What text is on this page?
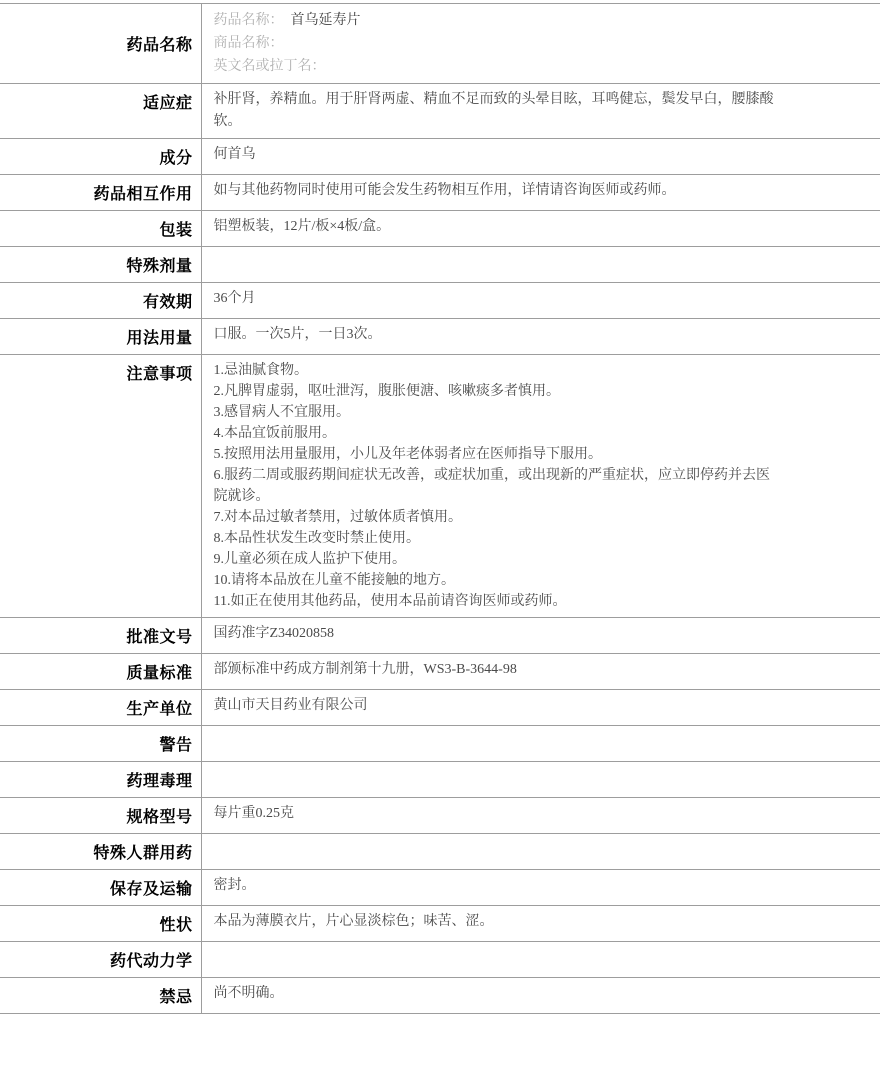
药品名称	药品名称： 首乌延寿片
商品名称：
英文名或拉丁名：

适应症	补肝肾，养精血。用于肝肾两虚、精血不足而致的头晕目眩，耳鸣健忘，鬓发早白，腰膝酸软。

成分	何首乌

药品相互作用	如与其他药物同时使用可能会发生药物相互作用，详情请咨询医师或药师。

包装	铝塑板装，12片/板×4板/盒。

特殊剂量	

有效期	36个月

用法用量	口服。一次5片，一日3次。

注意事项	1.忌油腻食物。
2.凡脾胃虚弱，呕吐泄泻，腹胀便溏、咳嗽痰多者慎用。
3.感冒病人不宜服用。
4.本品宜饭前服用。
5.按照用法用量服用，小儿及年老体弱者应在医师指导下服用。
6.服药二周或服药期间症状无改善，或症状加重，或出现新的严重症状，应立即停药并去医院就诊。
7.对本品过敏者禁用，过敏体质者慎用。
8.本品性状发生改变时禁止使用。
9.儿童必须在成人监护下使用。
10.请将本品放在儿童不能接触的地方。
11.如正在使用其他药品，使用本品前请咨询医师或药师。

批准文号	国药准字Z34020858

质量标准	部颁标准中药成方制剂第十九册，WS3-B-3644-98

生产单位	黄山市天目药业有限公司

警告	

药理毒理	

规格型号	每片重0.25克

特殊人群用药	

保存及运输	密封。

性状	本品为薄膜衣片，片心显淡棕色；味苦、涩。

药代动力学	

禁忌	尚不明确。
